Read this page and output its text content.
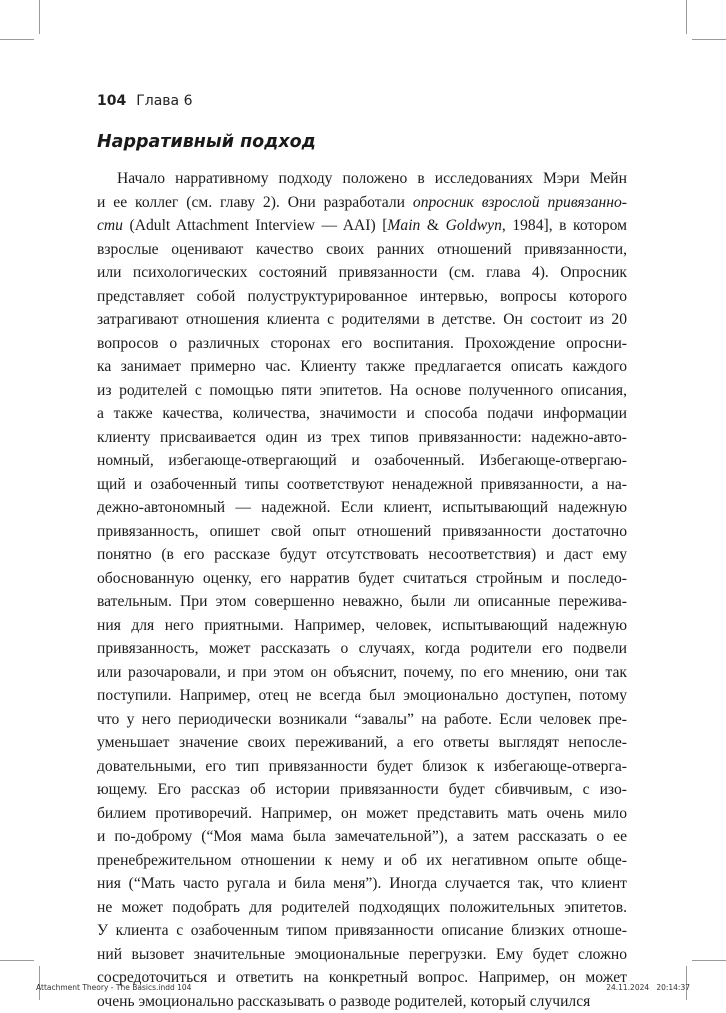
104 Глава 6
Нарративный подход
Начало нарративному подходу положено в исследованиях Мэри Мейн
и ее коллег (см. главу 2). Они разработали опросник взрослой привязанно-
сти (Adult Attachment Interview — AAI) [Main & Goldwyn, 1984], в котором
взрослые оценивают качество своих ранних отношений привязанности,
или психологических состояний привязанности (см. глава 4). Опросник
представляет собой полуструктурированное интервью, вопросы которого
затрагивают отношения клиента с родителями в детстве. Он состоит из 20
вопросов о различных сторонах его воспитания. Прохождение опросни-
ка занимает примерно час. Клиенту также предлагается описать каждого
из родителей с помощью пяти эпитетов. На основе полученного описания,
а также качества, количества, значимости и способа подачи информации
клиенту присваивается один из трех типов привязанности: надежно-авто-
номный, избегающе-отвергающий и озабоченный. Избегающе-отвергаю-
щий и озабоченный типы соответствуют ненадежной привязанности, а на-
дежно-автономный — надежной. Если клиент, испытывающий надежную
привязанность, опишет свой опыт отношений привязанности достаточно
понятно (в его рассказе будут отсутствовать несоответствия) и даст ему
обоснованную оценку, его нарратив будет считаться стройным и последо-
вательным. При этом совершенно неважно, были ли описанные пережива-
ния для него приятными. Например, человек, испытывающий надежную
привязанность, может рассказать о случаях, когда родители его подвели
или разочаровали, и при этом он объяснит, почему, по его мнению, они так
поступили. Например, отец не всегда был эмоционально доступен, потому
что у него периодически возникали “завалы” на работе. Если человек пре-
уменьшает значение своих переживаний, а его ответы выглядят непосле-
довательными, его тип привязанности будет близок к избегающе-отверга-
ющему. Его рассказ об истории привязанности будет сбивчивым, с изо-
билием противоречий. Например, он может представить мать очень мило
и по-доброму (“Моя мама была замечательной”), а затем рассказать о ее
пренебрежительном отношении к нему и об их негативном опыте обще-
ния (“Мать часто ругала и била меня”). Иногда случается так, что клиент
не может подобрать для родителей подходящих положительных эпитетов.
У клиента с озабоченным типом привязанности описание близких отноше-
ний вызовет значительные эмоциональные перегрузки. Ему будет сложно
сосредоточиться и ответить на конкретный вопрос. Например, он может
очень эмоционально рассказывать о разводе родителей, который случился
Attachment Theory - The Basics.indd 104	24.11.2024 20:14:37
